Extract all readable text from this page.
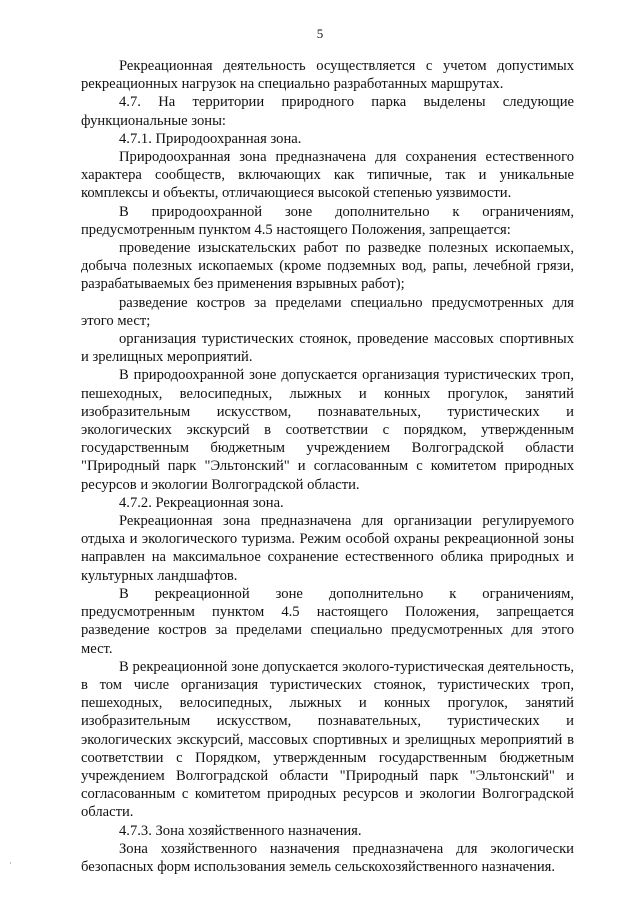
5

Рекреационная деятельность осуществляется с учетом допустимых рекреационных нагрузок на специально разработанных маршрутах.

4.7. На территории природного парка выделены следующие функциональные зоны:

4.7.1. Природоохранная зона.

Природоохранная зона предназначена для сохранения естественного характера сообществ, включающих как типичные, так и уникальные комплексы и объекты, отличающиеся высокой степенью уязвимости.

В природоохранной зоне дополнительно к ограничениям, предусмотренным пунктом 4.5 настоящего Положения, запрещается:

проведение изыскательских работ по разведке полезных ископаемых, добыча полезных ископаемых (кроме подземных вод, рапы, лечебной грязи, разрабатываемых без применения взрывных работ);

разведение костров за пределами специально предусмотренных для этого мест;

организация туристических стоянок, проведение массовых спортивных и зрелищных мероприятий.

В природоохранной зоне допускается организация туристических троп, пешеходных, велосипедных, лыжных и конных прогулок, занятий изобразительным искусством, познавательных, туристических и экологических экскурсий в соответствии с порядком, утвержденным государственным бюджетным учреждением Волгоградской области "Природный парк "Эльтонский" и согласованным с комитетом природных ресурсов и экологии Волгоградской области.

4.7.2. Рекреационная зона.

Рекреационная зона предназначена для организации регулируемого отдыха и экологического туризма. Режим особой охраны рекреационной зоны направлен на максимальное сохранение естественного облика природных и культурных ландшафтов.

В рекреационной зоне дополнительно к ограничениям, предусмотренным пунктом 4.5 настоящего Положения, запрещается разведение костров за пределами специально предусмотренных для этого мест.

В рекреационной зоне допускается эколого-туристическая деятельность, в том числе организация туристических стоянок, туристических троп, пешеходных, велосипедных, лыжных и конных прогулок, занятий изобразительным искусством, познавательных, туристических и экологических экскурсий, массовых спортивных и зрелищных мероприятий в соответствии с Порядком, утвержденным государственным бюджетным учреждением Волгоградской области "Природный парк "Эльтонский" и согласованным с комитетом природных ресурсов и экологии Волгоградской области.

4.7.3. Зона хозяйственного назначения.

Зона хозяйственного назначения предназначена для экологически безопасных форм использования земель сельскохозяйственного назначения.
